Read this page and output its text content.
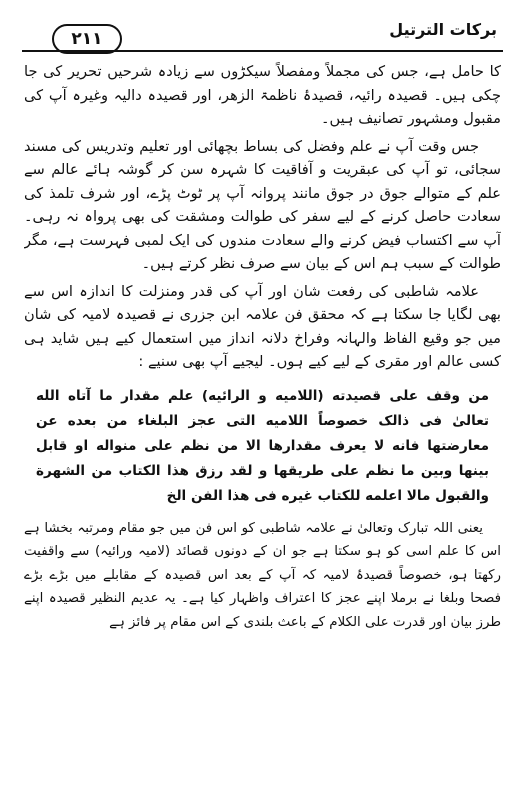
٢١١	برکات الترتیل

کا حامل ہے، جس کی مجملاً ومفصلاً سیکڑوں سے زیادہ شرحیں تحریر کی جا چکی ہیں۔ قصیدہ رائیہ، قصیدۂ ناظمۃ الزھر، اور قصیدہ دالیہ وغیرہ آپ کی مقبول ومشہور تصانیف ہیں۔

جس وقت آپ نے علم وفضل کی بساط بچھائی اور تعلیم وتدریس کی مسند سجائی، تو آپ کی عبقریت و آفاقیت کا شہرہ سن کر گوشہ ہائے عالم سے علم کے متوالے جوق در جوق مانند پروانہ آپ پر ٹوٹ پڑے، اور شرف تلمذ کی سعادت حاصل کرنے کے لیے سفر کی طوالت ومشقت کی بھی پرواہ نہ رہی۔ آپ سے اکتساب فیض کرنے والے سعادت مندوں کی ایک لمبی فہرست ہے، مگر طوالت کے سبب ہم اس کے بیان سے صرف نظر کرتے ہیں۔

علامہ شاطبی کی رفعت شان اور آپ کی قدر ومنزلت کا اندازہ اس سے بھی لگایا جا سکتا ہے کہ محقق فن علامہ ابن جزری نے قصیدہ لامیہ کی شان میں جو وقیع الفاظ والہانہ وفراخ دلانہ انداز میں استعمال کیے ہیں شاید ہی کسی عالم اور مقری کے لیے کیے ہوں۔ لیجیے آپ بھی سنیے :

من وقف علی قصیدته (اللامیه و الرائیه) علم مقدار ما آتاه الله تعالیٰ فی ذالک خصوصاً اللامیه التی عجز البلغاء من بعده عن معارضتها فانه لا یعرف مقدارها الا من نظم علی منواله او قابل بینها وبین ما نظم علی طریقها و لقد رزق هذا الکتاب من الشهرة والقبول مالا اعلمه للکتاب غیره فی هذا الفن الخ

یعنی اللہ تبارک وتعالیٰ نے علامہ شاطبی کو اس فن میں جو مقام ومرتبہ بخشا ہے اس کا علم اسی کو ہو سکتا ہے جو ان کے دونوں قصائد (لامیہ ورائیہ) سے واقفیت رکھتا ہو، خصوصاً قصیدۂ لامیہ کہ آپ کے بعد اس قصیدہ کے مقابلے میں بڑے بڑے فصحا وبلغا نے برملا اپنے عجز کا اعتراف واظہار کیا ہے۔ یہ عدیم النظیر قصیدہ اپنے طرز بیان اور قدرت علی الکلام کے باعث بلندی کے اس مقام پر فائز ہے
